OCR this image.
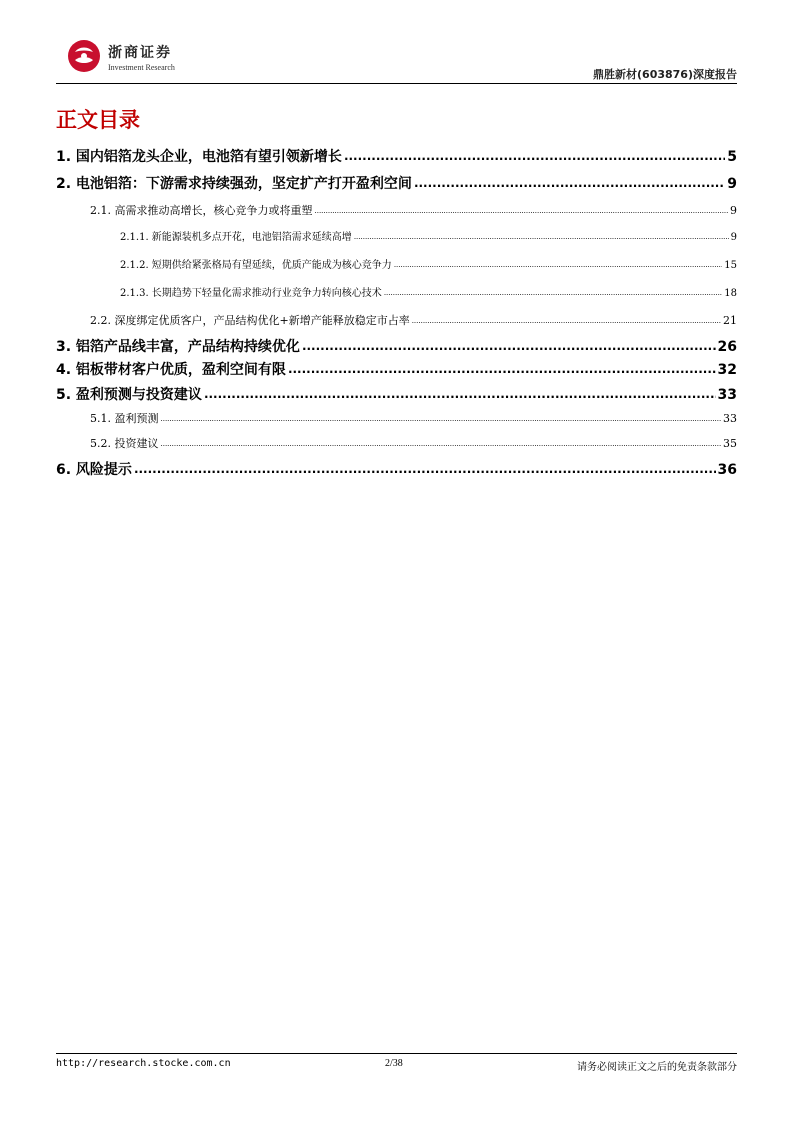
浙商证券
Investment Research
鼎胜新材(603876)深度报告
正文目录
1. 国内铝箔龙头企业，电池箔有望引领新增长 .....	5
2. 电池铝箔：下游需求持续强劲，坚定扩产打开盈利空间 .....	9
2.1. 高需求推动高增长，核心竞争力或将重塑 .....	9
2.1.1. 新能源装机多点开花，电池铝箔需求延续高增 .....	9
2.1.2. 短期供给紧张格局有望延续，优质产能成为核心竞争力 .....	15
2.1.3. 长期趋势下轻量化需求推动行业竞争力转向核心技术 .....	18
2.2. 深度绑定优质客户，产品结构优化+新增产能释放稳定市占率 .....	21
3. 铝箔产品线丰富，产品结构持续优化 .....	26
4. 铝板带材客户优质，盈利空间有限 .....	32
5. 盈利预测与投资建议 .....	33
5.1. 盈利预测 .....	33
5.2. 投资建议 .....	35
6. 风险提示 .....	36
http://research.stocke.com.cn	2/38	请务必阅读正文之后的免责条款部分
